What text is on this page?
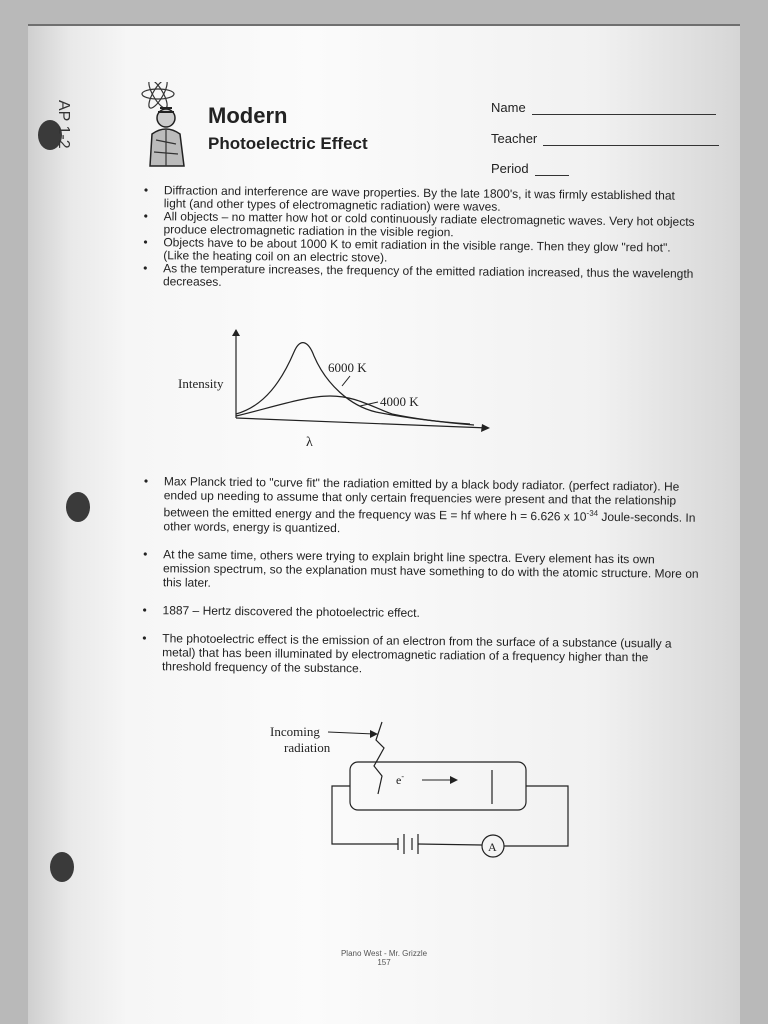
AP 1-2	Modern
Photoelectric Effect
Name
Teacher
Period
• Diffraction and interference are wave properties. By the late 1800's, it was firmly established that light (and other types of electromagnetic radiation) were waves.
• All objects – no matter how hot or cold continuously radiate electromagnetic waves. Very hot objects produce electromagnetic radiation in the visible region.
• Objects have to be about 1000 K to emit radiation in the visible range. Then they glow "red hot". (Like the heating coil on an electric stove).
• As the temperature increases, the frequency of the emitted radiation increased, thus the wavelength decreases.
6000 K
4000 K
Intensity
λ
• Max Planck tried to "curve fit" the radiation emitted by a black body radiator. (perfect radiator). He ended up needing to assume that only certain frequencies were present and that the relationship between the emitted energy and the frequency was E = hf where h = 6.626 x $10^{-34}$ Joule-seconds. In other words, energy is quantized.
• At the same time, others were trying to explain bright line spectra. Every element has its own emission spectrum, so the explanation must have something to do with the atomic structure. More on this later.
• 1887 – Hertz discovered the photoelectric effect.
• The photoelectric effect is the emission of an electron from the surface of a substance (usually a metal) that has been illuminated by electromagnetic radiation of a frequency higher than the threshold frequency of the substance.
Incoming
radiation
e-
A
Plano West - Mr. Grizzle
157
